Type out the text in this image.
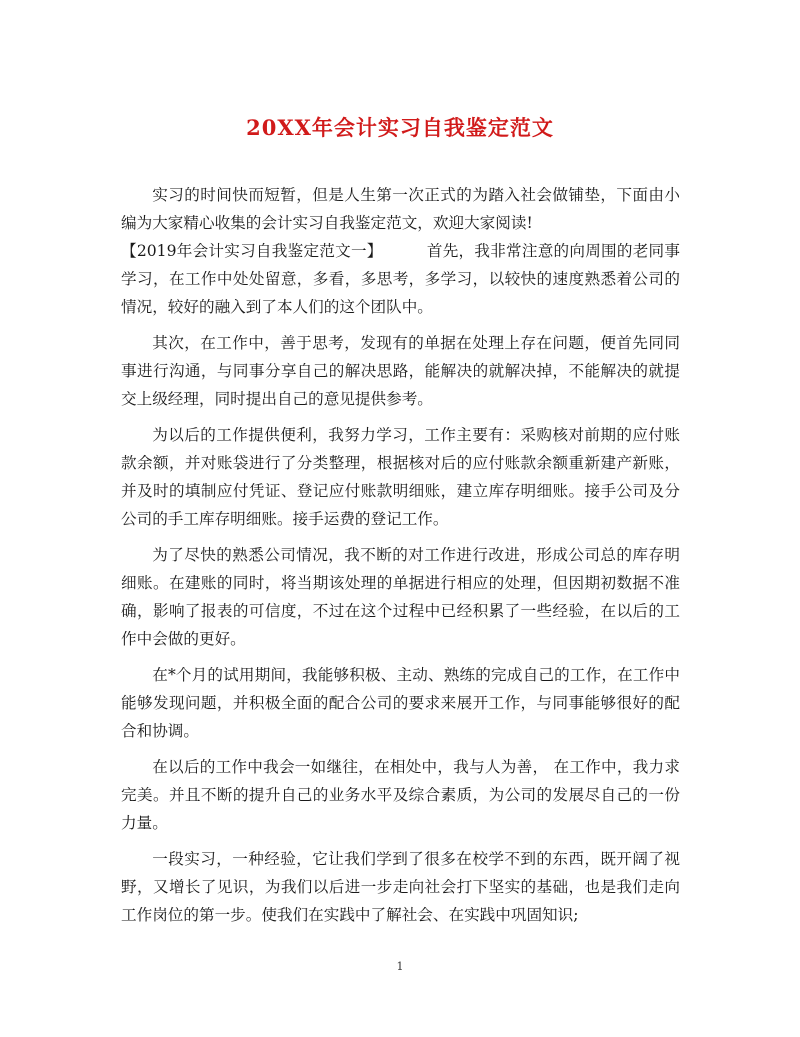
20XX年会计实习自我鉴定范文

实习的时间快而短暂，但是人生第一次正式的为踏入社会做铺垫，下面由小编为大家精心收集的会计实习自我鉴定范文，欢迎大家阅读!

【2019年会计实习自我鉴定范文一】	首先，我非常注意的向周围的老同事学习，在工作中处处留意，多看，多思考，多学习，以较快的速度熟悉着公司的情况，较好的融入到了本人们的这个团队中。

其次，在工作中，善于思考，发现有的单据在处理上存在问题，便首先同同事进行沟通，与同事分享自己的解决思路，能解决的就解决掉，不能解决的就提交上级经理，同时提出自己的意见提供参考。

为以后的工作提供便利，我努力学习，工作主要有：采购核对前期的应付账款余额，并对账袋进行了分类整理，根据核对后的应付账款余额重新建产新账，并及时的填制应付凭证、登记应付账款明细账，建立库存明细账。接手公司及分公司的手工库存明细账。接手运费的登记工作。

为了尽快的熟悉公司情况，我不断的对工作进行改进，形成公司总的库存明细账。在建账的同时，将当期该处理的单据进行相应的处理，但因期初数据不准确，影响了报表的可信度，不过在这个过程中已经积累了一些经验，在以后的工作中会做的更好。

在*个月的试用期间，我能够积极、主动、熟练的完成自己的工作，在工作中能够发现问题，并积极全面的配合公司的要求来展开工作，与同事能够很好的配合和协调。

在以后的工作中我会一如继往，在相处中，我与人为善， 在工作中，我力求完美。并且不断的提升自己的业务水平及综合素质，为公司的发展尽自己的一份力量。

一段实习，一种经验，它让我们学到了很多在校学不到的东西，既开阔了视野，又增长了见识，为我们以后进一步走向社会打下坚实的基础，也是我们走向工作岗位的第一步。使我们在实践中了解社会、在实践中巩固知识;

1
